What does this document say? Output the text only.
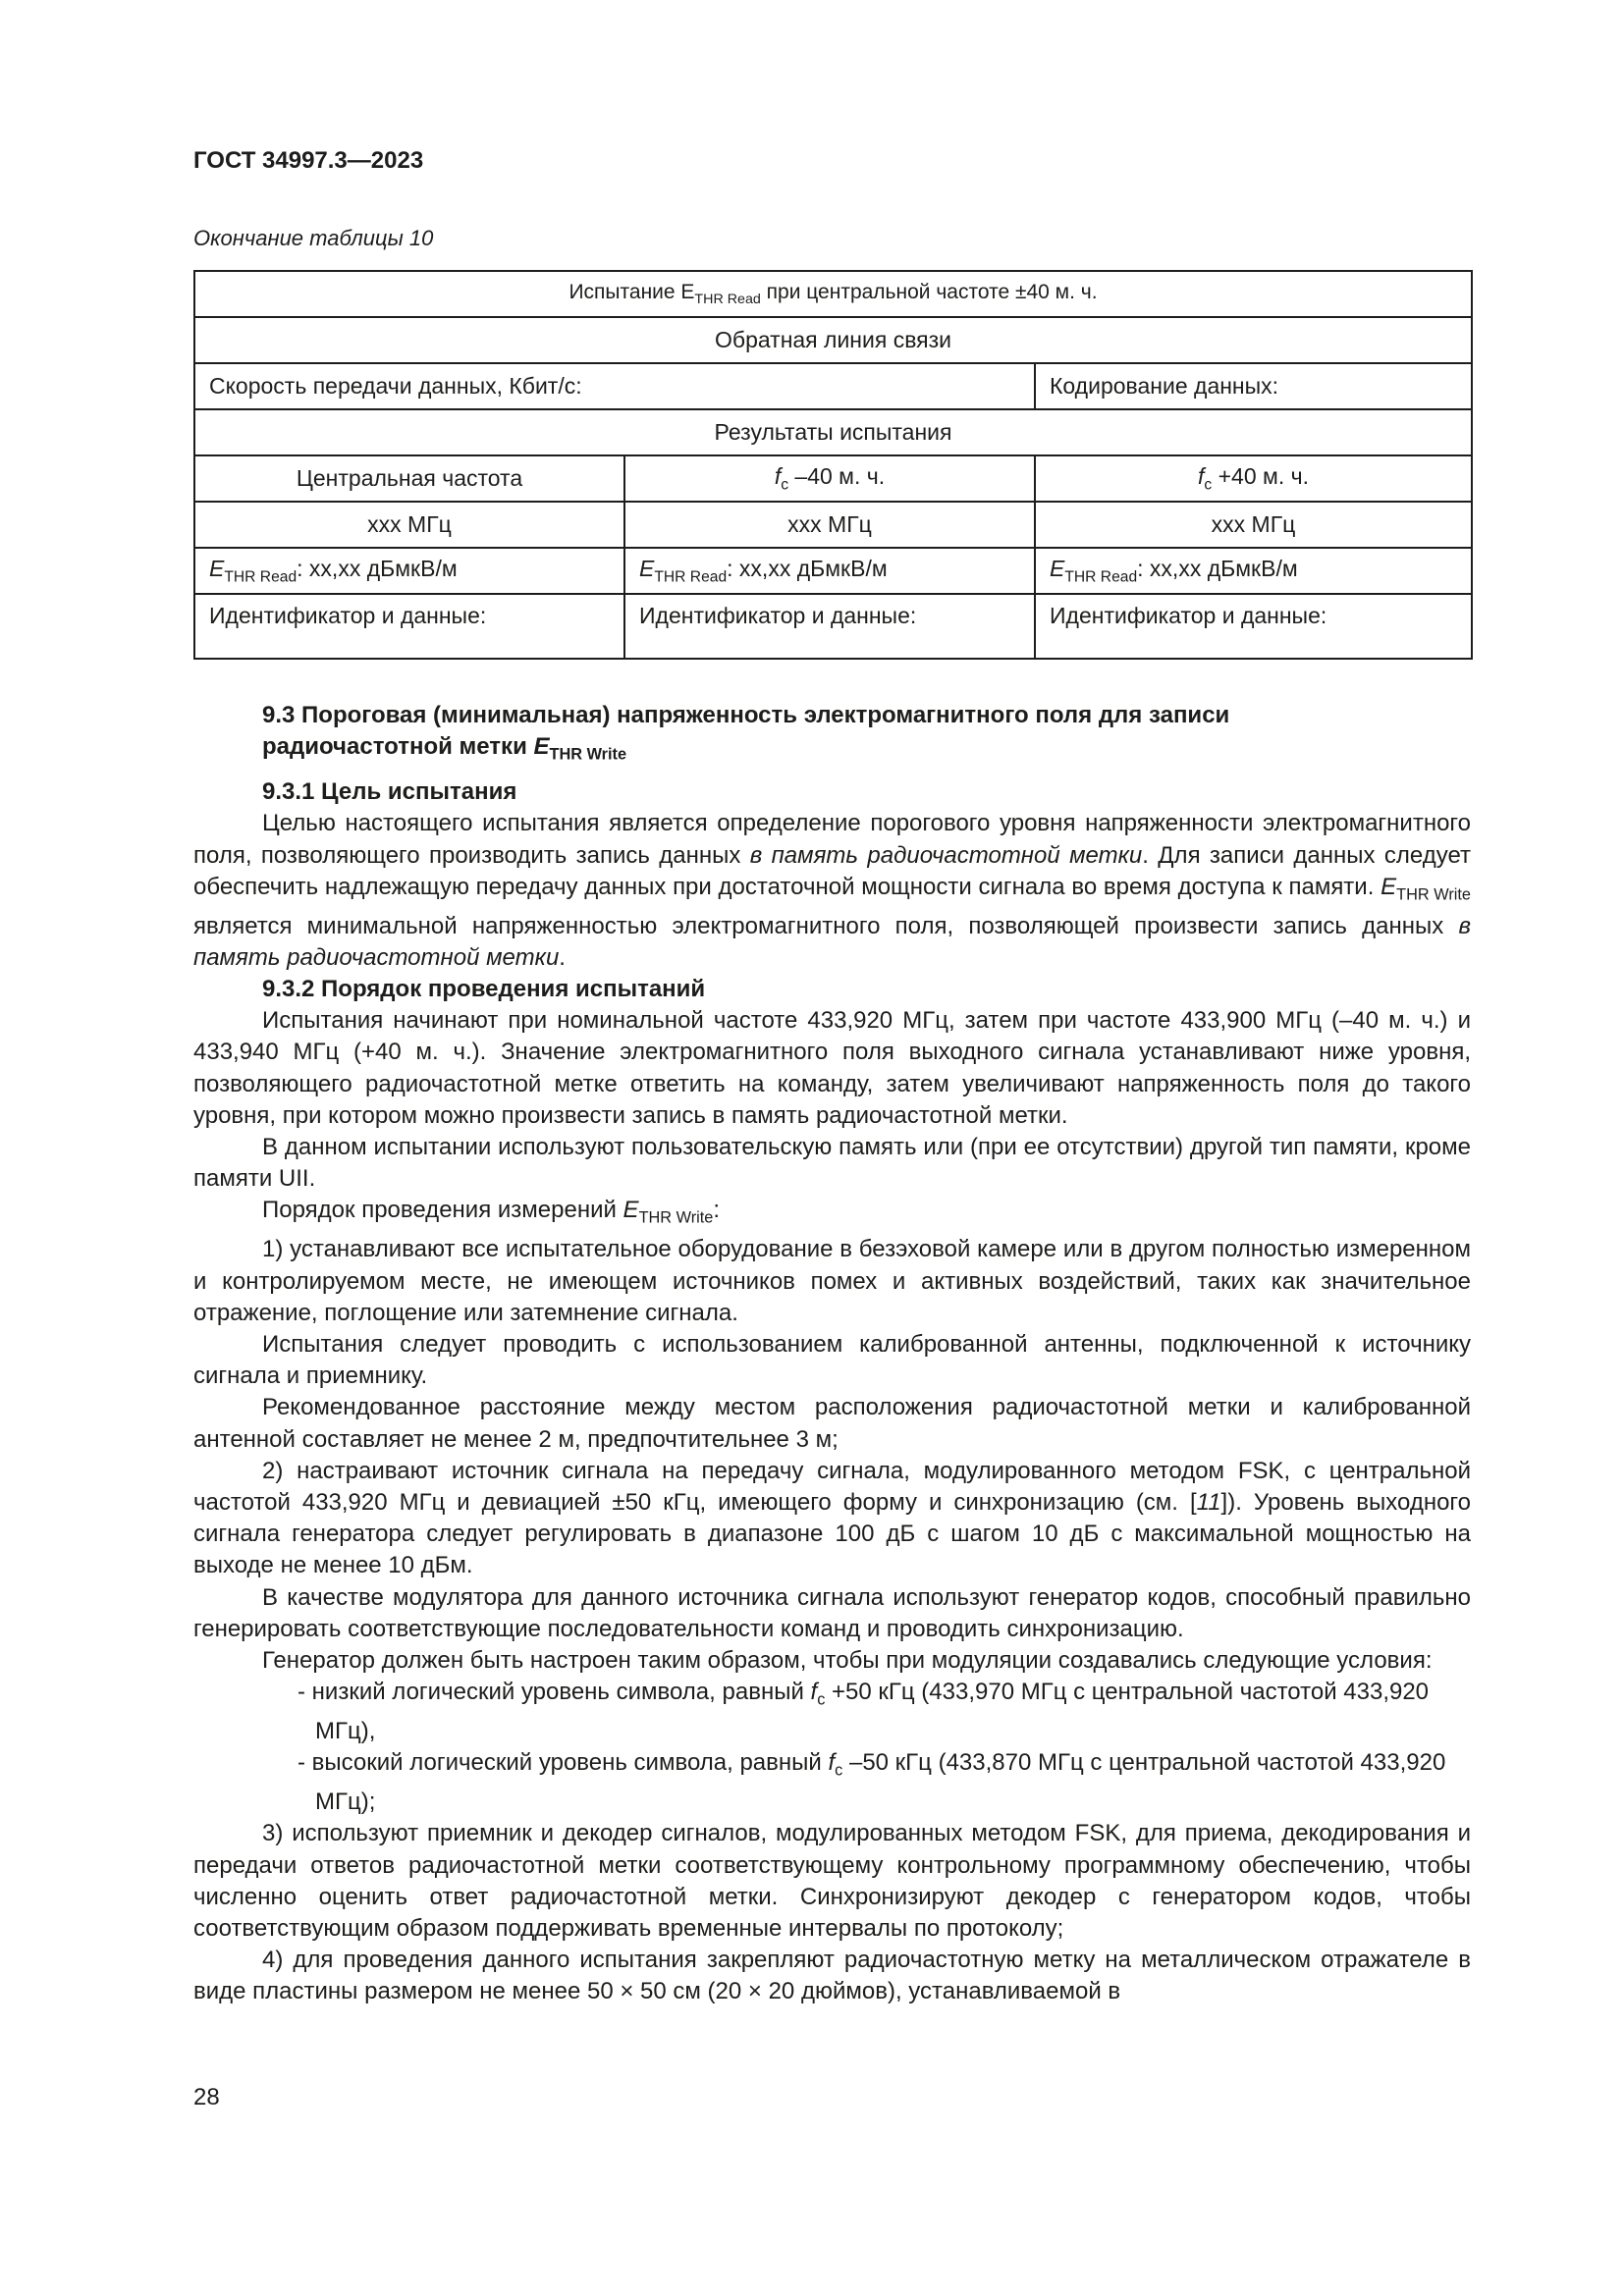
ГОСТ 34997.3—2023
Окончание таблицы 10
Испытание $E_{THR Read}$ при центральной частоте ±40 м. ч.		
Обратная линия связи		
Скорость передачи данных, Кбит/с:		Кодирование данных:
Результаты испытания		
Центральная частота	$f_c$ –40 м. ч.	$f_c +40$ м. ч.
ххх МГц	ххх МГц	ххх МГц
$E_{THR Read}$: хх,хх дБмкВ/м	$E_{THR Read}$: хх,хх дБмкВ/м	$E_{THR Read}$: хх,хх дБмкВ/м
Идентификатор и данные:	Идентификатор и данные:	Идентификатор и данные:

9.3 Пороговая (минимальная) напряженность электромагнитного поля для записи радиочастотной метки $E_{THR Write}$

9.3.1 Цель испытания

Целью настоящего испытания является определение порогового уровня напряженности электромагнитного поля, позволяющего производить запись данных в память радиочастотной метки. Для записи данных следует обеспечить надлежащую передачу данных при достаточной мощности сигнала во время доступа к памяти. $E_{THR Write}$ является минимальной напряженностью электромагнитного поля, позволяющей произвести запись данных в память радиочастотной метки.

9.3.2 Порядок проведения испытаний

Испытания начинают при номинальной частоте 433,920 МГц, затем при частоте 433,900 МГц (–40 м. ч.) и 433,940 МГц (+40 м. ч.). Значение электромагнитного поля выходного сигнала устанавливают ниже уровня, позволяющего радиочастотной метке ответить на команду, затем увеличивают напряженность поля до такого уровня, при котором можно произвести запись в память радиочастотной метки.

В данном испытании используют пользовательскую память или (при ее отсутствии) другой тип памяти, кроме памяти UII.

Порядок проведения измерений $E_{THR Write}$:

1) устанавливают все испытательное оборудование в безэховой камере или в другом полностью измеренном и контролируемом месте, не имеющем источников помех и активных воздействий, таких как значительное отражение, поглощение или затемнение сигнала.

Испытания следует проводить с использованием калиброванной антенны, подключенной к источнику сигнала и приемнику.

Рекомендованное расстояние между местом расположения радиочастотной метки и калиброванной антенной составляет не менее 2 м, предпочтительнее 3 м;

2) настраивают источник сигнала на передачу сигнала, модулированного методом FSK, с центральной частотой 433,920 МГц и девиацией ±50 кГц, имеющего форму и синхронизацию (см. [11]). Уровень выходного сигнала генератора следует регулировать в диапазоне 100 дБ с шагом 10 дБ с максимальной мощностью на выходе не менее 10 дБм.

В качестве модулятора для данного источника сигнала используют генератор кодов, способный правильно генерировать соответствующие последовательности команд и проводить синхронизацию.

Генератор должен быть настроен таким образом, чтобы при модуляции создавались следующие условия:

- низкий логический уровень символа, равный $f_c +50$ кГц (433,970 МГц с центральной частотой 433,920 МГц),

- высокий логический уровень символа, равный $f_c$ –50 кГц (433,870 МГц с центральной частотой 433,920 МГц);

3) используют приемник и декодер сигналов, модулированных методом FSK, для приема, декодирования и передачи ответов радиочастотной метки соответствующему контрольному программному обеспечению, чтобы численно оценить ответ радиочастотной метки. Синхронизируют декодер с генератором кодов, чтобы соответствующим образом поддерживать временные интервалы по протоколу;

4) для проведения данного испытания закрепляют радиочастотную метку на металлическом отражателе в виде пластины размером не менее 50 × 50 см (20 × 20 дюймов), устанавливаемой в

28
